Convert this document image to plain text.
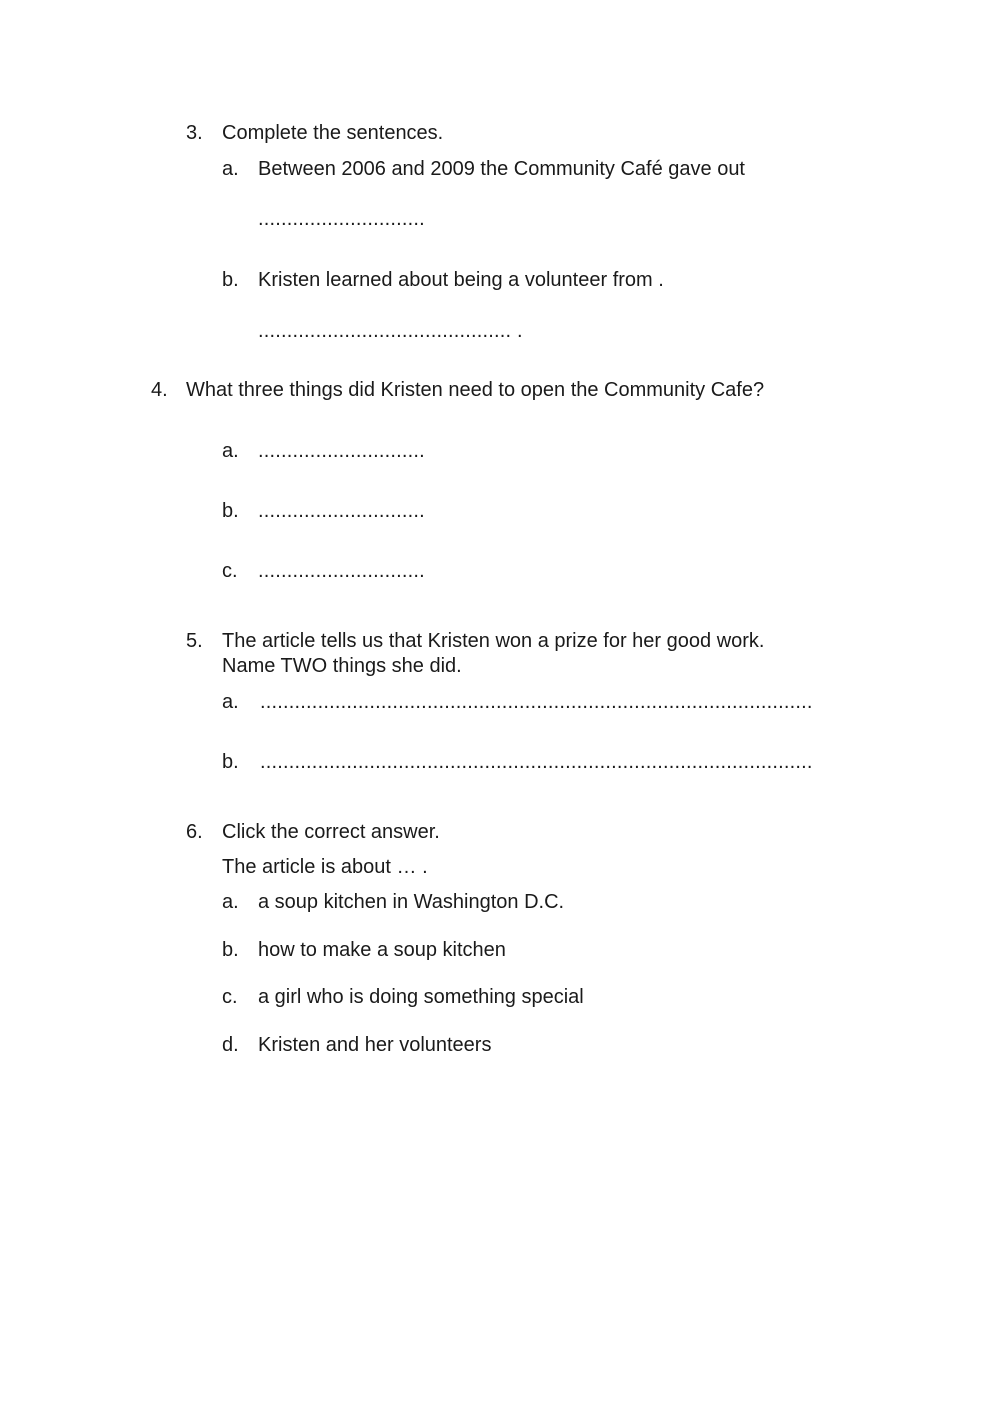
3. Complete the sentences.
a. Between 2006 and 2009 the Community Café gave out
.............................
b. Kristen learned about being a volunteer from .
............................................ .
4. What three things did Kristen need to open the Community Cafe?
a. .............................
b. .............................
c. .............................
5. The article tells us that Kristen won a prize for her good work.
Name TWO things she did.
a. ................................................................................................
b. ................................................................................................
6. Click the correct answer.
The article is about … .
a. a soup kitchen in Washington D.C.
b. how to make a soup kitchen
c. a girl who is doing something special
d. Kristen and her volunteers
